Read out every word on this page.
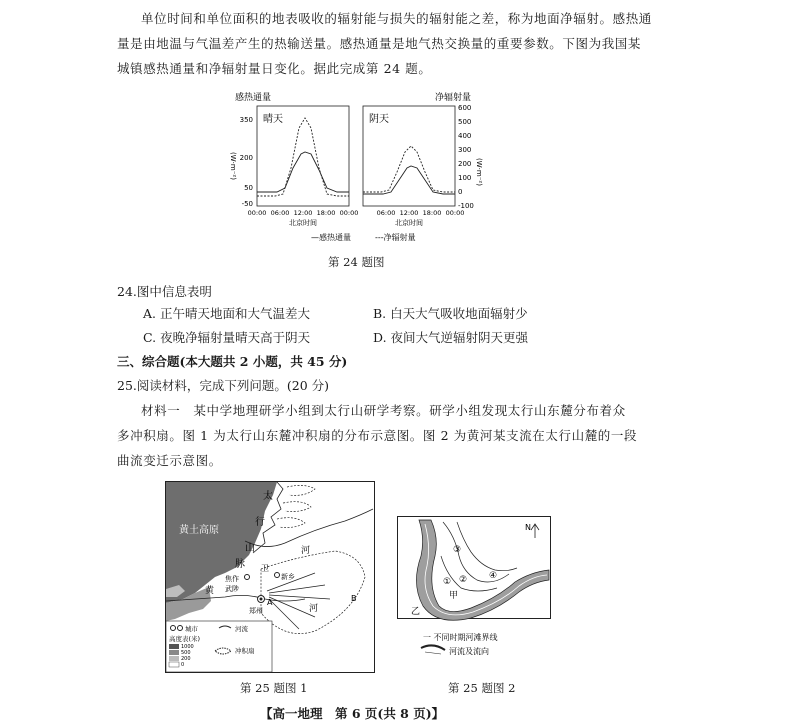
单位时间和单位面积的地表吸收的辐射能与损失的辐射能之差，称为地面净辐射。感热通
量是由地温与气温差产生的热输送量。感热通量是地气热交换量的重要参数。下图为我国某
城镇感热通量和净辐射量日变化。据此完成第 24 题。
感热通量	净辐射量
(W·m⁻²)
350
200
50
-50
晴天	阴天
600
500
400
300
200
100
0
-100
(W·m⁻²)
00:00 06:00 12:00 18:00 00:00	06:00 12:00 18:00 00:00
北京时间	北京时间
—感热通量	---净辐射量
第 24 题图
24.图中信息表明
A. 正午晴天地面和大气温差大	B. 白天大气吸收地面辐射少
C. 夜晚净辐射量晴天高于阴天	D. 夜间大气逆辐射阴天更强
三、综合题(本大题共 2 小题，共 45 分)
25.阅读材料，完成下列问题。(20 分)
材料一　某中学地理研学小组到太行山研学考察。研学小组发现太行山东麓分布着众
多冲积扇。图 1 为太行山东麓冲积扇的分布示意图。图 2 为黄河某支流在太行山麓的一段
曲流变迁示意图。
黄土高原
太
行
山
脉 卫
河
新乡
焦作
武陟
黄
河
郑州
A	B
城市	河流
高度表(米)
1000
500
200
0
冲积扇
第 25 题图 1
N
① ②
③
④
甲
乙
一 不同时期河滩界线
河流及流向
第 25 题图 2
【高一地理　第 6 页(共 8 页)】
